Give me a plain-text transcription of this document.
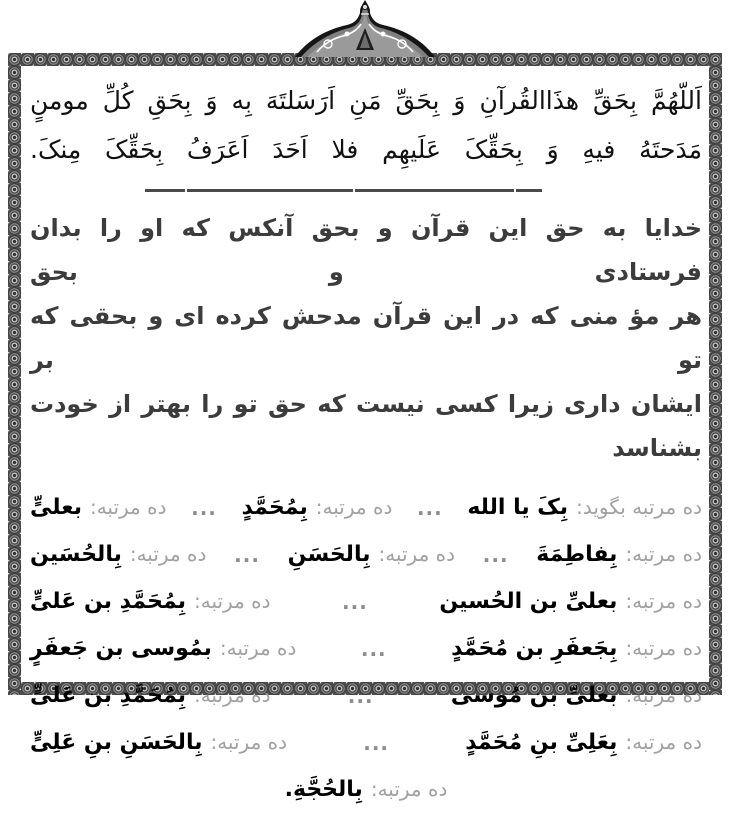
اَللّهُمَّ بِحَقِّ هذَاالقُرآنِ وَ بِحَقِّ مَنِ اَرَسَلتَهَ بِه وَ بِحَقِ كُلِّ مومنٍ
مَدَحتَهُ فيهِ وَ بِحَقِّکَ عَلَيهِم فلا اَحَدَ اَعَرَفُ بِحَقِّکَ مِنکَ.
خدايا به حق اين قرآن و بحق آنكس كه او را بدان فرستادى و بحق
هر مؤ منى كه در اين قرآن مدحش كرده اى و بحقى كه تو بر
ايشان دارى زيرا كسى نيست كه حق تو را بهتر از خودت بشناسد
ده مرتبه بگويد:بِکَ يا الله
...
ده مرتبه:بِمُحَمَّدٍ
...
ده مرتبه:بعلىٍّ
ده مرتبه:بِفاطِمَةَ
...
ده مرتبه:بِالحَسَنِ
...
ده مرتبه:بِالحُسَين
ده مرتبه:بعلىِّ بن الحُسين
...
ده مرتبه:بِمُحَمَّدِ بن عَلىٍّ
ده مرتبه:بِجَعفَرِ بن مُحَمَّدٍ
...
ده مرتبه:بمُوسى بن جَعفَرٍ
ده مرتبه:بعلىِّ بن مُوسى
...
ده مرتبه:بِمُحَمَّدِ بن عَلىٍّ
ده مرتبه:بِعَلِىِّ بنِ مُحَمَّدٍ
...
ده مرتبه:بِالحَسَنِ بنِ عَلِىٍّ
ده مرتبه:بِالحُجَّةِ.
